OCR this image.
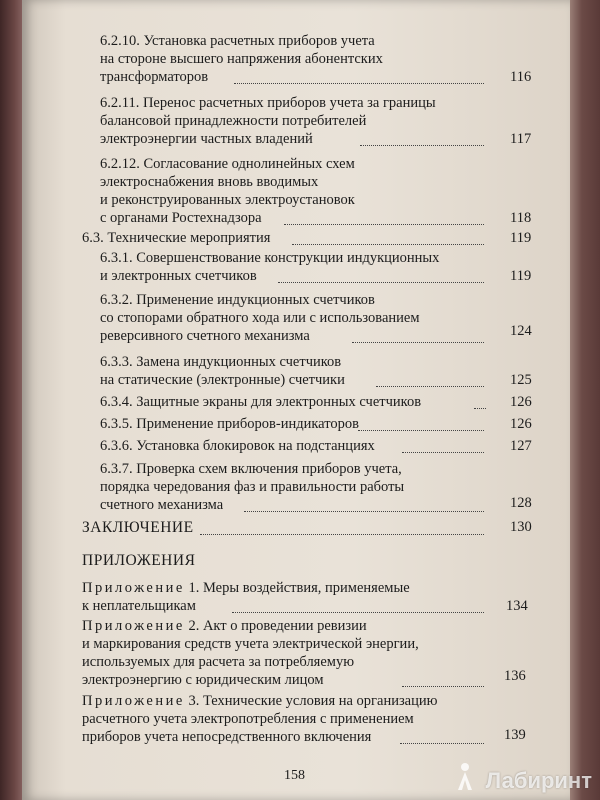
6.2.10. Установка расчетных приборов учета
на стороне высшего напряжения абонентских
трансформаторов	116
6.2.11. Перенос расчетных приборов учета за границы
балансовой принадлежности потребителей
электроэнергии частных владений	117
6.2.12. Согласование однолинейных схем
электроснабжения вновь вводимых
и реконструированных электроустановок
с органами Ростехнадзора	118
6.3. Технические мероприятия	119
6.3.1. Совершенствование конструкции индукционных
и электронных счетчиков	119
6.3.2. Применение индукционных счетчиков
со стопорами обратного хода или с использованием
реверсивного счетного механизма	124
6.3.3. Замена индукционных счетчиков
на статические (электронные) счетчики	125
6.3.4. Защитные экраны для электронных счетчиков	126
6.3.5. Применение приборов-индикаторов	126
6.3.6. Установка блокировок на подстанциях	127
6.3.7. Проверка схем включения приборов учета,
порядка чередования фаз и правильности работы
счетного механизма	128
ЗАКЛЮЧЕНИЕ	130
ПРИЛОЖЕНИЯ
Приложение 1. Меры воздействия, применяемые
к неплательщикам	134
Приложение 2. Акт о проведении ревизии
и маркирования средств учета электрической энергии,
используемых для расчета за потребляемую
электроэнергию с юридическим лицом	136
Приложение 3. Технические условия на организацию
расчетного учета электропотребления с применением
приборов учета непосредственного включения	139
158	Лабиринт
